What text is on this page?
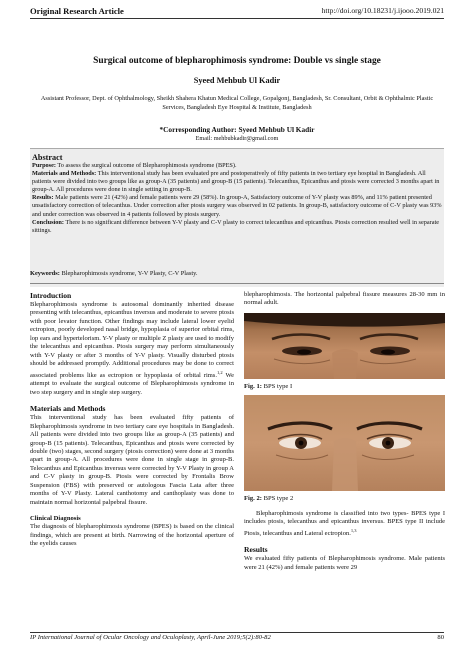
Original Research Article	http://doi.org/10.18231/j.ijooo.2019.021
Surgical outcome of blepharophimosis syndrome: Double vs single stage
Syeed Mehbub Ul Kadir
Assistant Professor, Dept. of Ophthalmology, Sheikh Shahera Khatun Medical College, Gopalgonj, Bangladesh, Sr. Consultant, Orbit & Ophthalmic Plastic Services, Bangladesh Eye Hospital & Institute, Bangladesh
*Corresponding Author: Syeed Mehbub Ul Kadir
Email: mehbubkadir@gmail.com
Abstract
Purpose: To assess the surgical outcome of Blepharophimosis syndrome (BPES).
Materials and Methods: This interventional study has been evaluated pre and postoperatively of fifty patients in two tertiary eye hospital in Bangladesh. All patients were divided into two groups like as group-A (35 patients) and group-B (15 patients). Telecanthus, Epicanthus and ptosis were corrected 3 months apart in group-A. All procedures were done in single setting in group-B.
Results: Male patients were 21 (42%) and female patients were 29 (58%). In group-A, Satisfactory outcome of Y-V plasty was 89%, and 11% patient presented unsatisfactory correction of telecanthus. Under correction after ptosis surgery was observed in 02 patients. In group-B, satisfactory outcome of C-V plasty was 93% and under correction was observed in 4 patients followed by ptosis surgery.
Conclusion: There is no significant difference between Y-V plasty and C-V plasty to correct telecanthus and epicanthus. Ptosis correction resulted well in separate sittings.
Keywords: Blepharophimosis syndrome, Y-V Plasty, C-V Plasty.
Introduction
Blepharophimosis syndrome is autosomal dominantly inherited disease presenting with telecanthus, epicanthus inversus and moderate to severe ptosis with poor levator function. Other findings may include lateral lower eyelid ectropion, poorly developed nasal bridge, hypoplasia of superior orbital rims, lop ears and hypertelorism. Y-V plasty or multiple Z plasty are used to modify the telecanthus and epicanthus. Ptosis surgery may perform simultaneously with Y-V plasty or after 3 months of Y-V plasty. Visually disturbed ptosis should be addressed promptly. Additional procedures may be done to correct associated problems like as ectropion or hypoplasia of orbital rims.$^{1,2}$ We attempt to evaluate the surgical outcome of Blepharophimosis syndrome in two step surgery and in single step surgery.
Materials and Methods
This interventional study has been evaluated fifty patients of Blepharophimosis syndrome in two tertiary care eye hospitals in Bangladesh. All patients were divided into two groups like as group-A (35 patients) and group-B (15 patients). Telecanthus, Epicanthus and ptosis were corrected by double (two) stages, second surgery (ptosis correction) were done at 3 months apart in group-A. All procedures were done in single stage in group-B. Telecanthus and Epicanthus inversus were corrected by Y-V Plasty in group A and C-V plasty in group-B. Ptosis were corrected by Frontalis Brow Suspension (FBS) with preserved or autologous Fascia Lata after three months of Y-V Plasty. Lateral canthotomy and canthoplasty was done to maintain normal horizontal palpebral fissure.
Clinical Diagnosis
The diagnosis of blepharophimosis syndrome (BPES) is based on the clinical findings, which are present at birth. Narrowing of the horizontal aperture of the eyelids causes
blepharophimosis. The horizontal palpebral fissure measures 28-30 mm in normal adult.
Fig. 1: BPS type I
Fig. 2: BPS type 2
Blepharophimosis syndrome is classified into two types- BPES type I includes ptosis, telecanthus and epicanthus inversus. BPES type II include Ptosis, telecanthus and Lateral ectropion.$^{1,3}$
Results
We evaluated fifty patients of Blepharophimosis syndrome. Male patients were 21 (42%) and female patients were 29
IP International Journal of Ocular Oncology and Oculoplasty, April-June 2019;5(2):80-82	80
